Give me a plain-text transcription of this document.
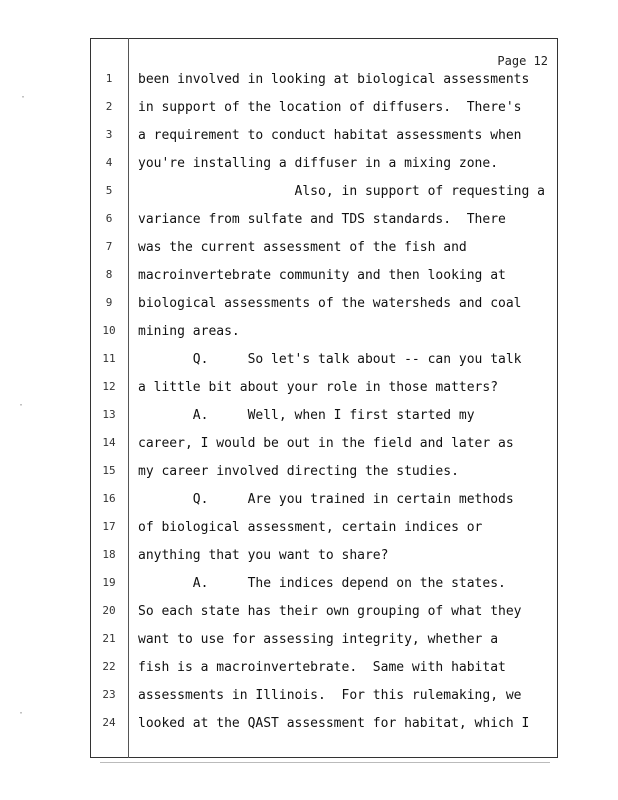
Page 12
1	been involved in looking at biological assessments
2	in support of the location of diffusers.  There's
3	a requirement to conduct habitat assessments when
4	you're installing a diffuser in a mixing zone.
5	Also, in support of requesting a
6	variance from sulfate and TDS standards.  There
7	was the current assessment of the fish and
8	macroinvertebrate community and then looking at
9	biological assessments of the watersheds and coal
10	mining areas.
11	Q.     So let's talk about -- can you talk
12	a little bit about your role in those matters?
13	A.     Well, when I first started my
14	career, I would be out in the field and later as
15	my career involved directing the studies.
16	Q.     Are you trained in certain methods
17	of biological assessment, certain indices or
18	anything that you want to share?
19	A.     The indices depend on the states.
20	So each state has their own grouping of what they
21	want to use for assessing integrity, whether a
22	fish is a macroinvertebrate.  Same with habitat
23	assessments in Illinois.  For this rulemaking, we
24	looked at the QAST assessment for habitat, which I
·
·
·
